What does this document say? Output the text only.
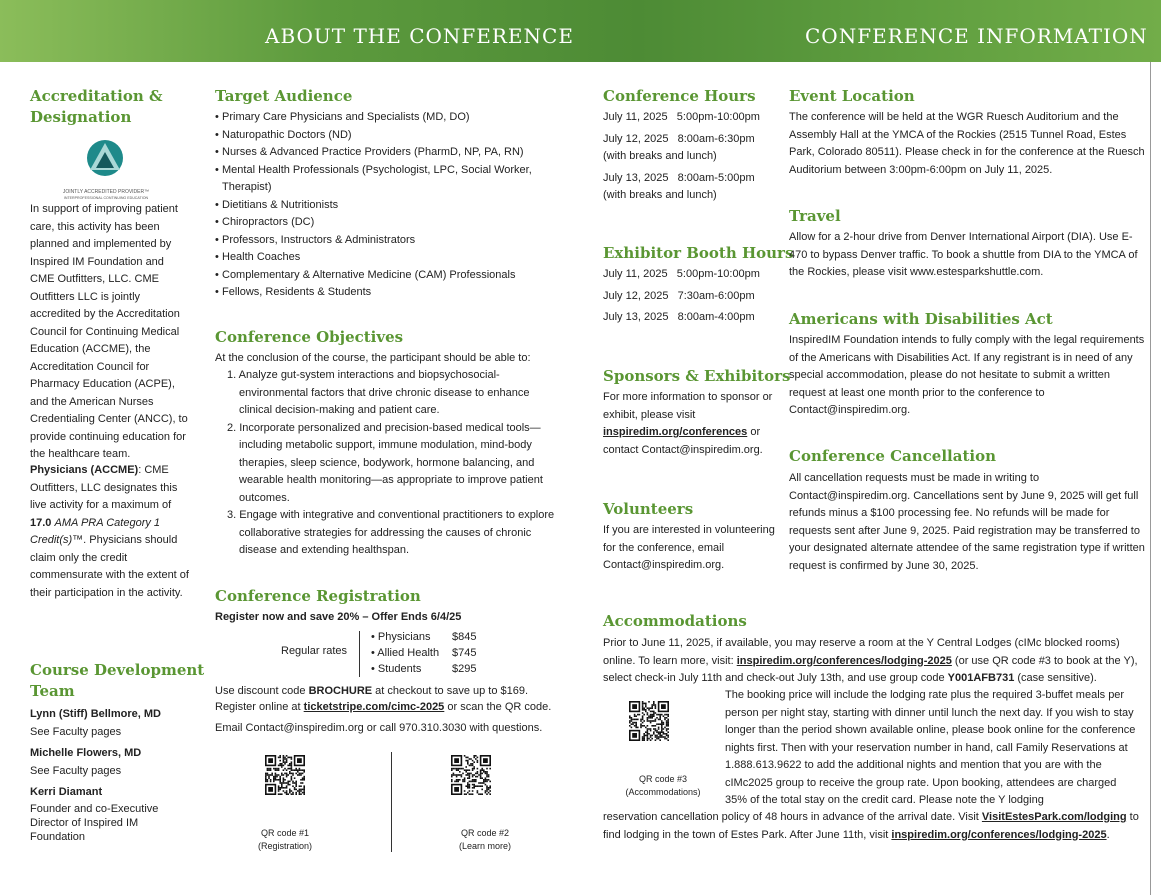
ABOUT THE CONFERENCE	CONFERENCE INFORMATION
Accreditation &
Designation
JOINTLY ACCREDITED PROVIDER™
INTERPROFESSIONAL CONTINUING EDUCATION

In support of improving patient care, this activity has been planned and implemented by Inspired IM Foundation and CME Outfitters, LLC. CME Outfitters LLC is jointly accredited by the Accreditation Council for Continuing Medical Education (ACCME), the Accreditation Council for Pharmacy Education (ACPE), and the American Nurses Credentialing Center (ANCC), to provide continuing education for the healthcare team.

Physicians (ACCME): CME Outfitters, LLC designates this live activity for a maximum of 17.0 AMA PRA Category 1 Credit(s)™. Physicians should claim only the credit commensurate with the extent of their participation in the activity.

Course Development
Team
Lynn (Stiff) Bellmore, MD
See Faculty pages
Michelle Flowers, MD
See Faculty pages
Kerri Diamant
Founder and co-Executive Director of Inspired IM Foundation
Target Audience
• Primary Care Physicians and Specialists (MD, DO)
• Naturopathic Doctors (ND)
• Nurses & Advanced Practice Providers (PharmD, NP, PA, RN)
• Mental Health Professionals (Psychologist, LPC, Social Worker, Therapist)
• Dietitians & Nutritionists
• Chiropractors (DC)
• Professors, Instructors & Administrators
• Health Coaches
• Complementary & Alternative Medicine (CAM) Professionals
• Fellows, Residents & Students
Conference Objectives

At the conclusion of the course, the participant should be able to:

1. Analyze gut-system interactions and biopsychosocial-environmental factors that drive chronic disease to enhance clinical decision-making and patient care.
2. Incorporate personalized and precision-based medical tools—including metabolic support, immune modulation, mind-body therapies, sleep science, bodywork, hormone balancing, and wearable health monitoring—as appropriate to improve patient outcomes.
3. Engage with integrative and conventional practitioners to explore collaborative strategies for addressing the causes of chronic disease and extending healthspan.
Conference Registration

Register now and save 20% – Offer Ends 6/4/25

Regular rates

• Physicians	$845
• Allied Health	$745
• Students	$295

Use discount code BROCHURE at checkout to save up to $169.

Register online at ticketstripe.com/cimc-2025 or scan the QR code.

Email Contact@inspiredim.org or call 970.310.3030 with questions.

QR code #1
(Registration)
QR code #2
(Learn more)
Conference Hours
July 11, 2025 5:00pm-10:00pm
July 12, 2025 8:00am-6:30pm
(with breaks and lunch)
July 13, 2025 8:00am-5:00pm
(with breaks and lunch)
Exhibitor Booth Hours
July 11, 2025 5:00pm-10:00pm
July 12, 2025 7:30am-6:00pm
July 13, 2025 8:00am-4:00pm
Sponsors & Exhibitors

For more information to sponsor or exhibit, please visit inspiredim.org/conferences or contact Contact@inspiredim.org.

Volunteers

If you are interested in volunteering for the conference, email Contact@inspiredim.org.

Event Location

The conference will be held at the WGR Ruesch Auditorium and the Assembly Hall at the YMCA of the Rockies (2515 Tunnel Road, Estes Park, Colorado 80511). Please check in for the conference at the Ruesch Auditorium between 3:00pm-6:00pm on July 11, 2025.

Travel

Allow for a 2-hour drive from Denver International Airport (DIA). Use E-470 to bypass Denver traffic. To book a shuttle from DIA to the YMCA of the Rockies, please visit www.estesparkshuttle.com.

Americans with Disabilities Act

InspiredIM Foundation intends to fully comply with the legal requirements of the Americans with Disabilities Act. If any registrant is in need of any special accommodation, please do not hesitate to submit a written request at least one month prior to the conference to Contact@inspiredim.org.

Conference Cancellation

All cancellation requests must be made in writing to Contact@inspiredim.org. Cancellations sent by June 9, 2025 will get full refunds minus a $100 processing fee. No refunds will be made for requests sent after June 9, 2025. Paid registration may be transferred to your designated alternate attendee of the same registration type if written request is confirmed by June 30, 2025.

Accommodations

Prior to June 11, 2025, if available, you may reserve a room at the Y Central Lodges (cIMc blocked rooms) online. To learn more, visit: inspiredim.org/conferences/lodging-2025 (or use QR code #3 to book at the Y), select check-in July 11th and check-out July 13th, and use group code Y001AFB731 (case sensitive).

QR code #3
(Accommodations)

The booking price will include the lodging rate plus the required 3-buffet meals per person per night stay, starting with dinner until lunch the next day. If you wish to stay longer than the period shown available online, please book online for the conference nights first. Then with your reservation number in hand, call Family Reservations at 1.888.613.9622 to add the additional nights and mention that you are with the cIMc2025 group to receive the group rate. Upon booking, attendees are charged 35% of the total stay on the credit card. Please note the Y lodging

reservation cancellation policy of 48 hours in advance of the arrival date. Visit VisitEstesPark.com/lodging to find lodging in the town of Estes Park. After June 11th, visit inspiredim.org/conferences/lodging-2025.
